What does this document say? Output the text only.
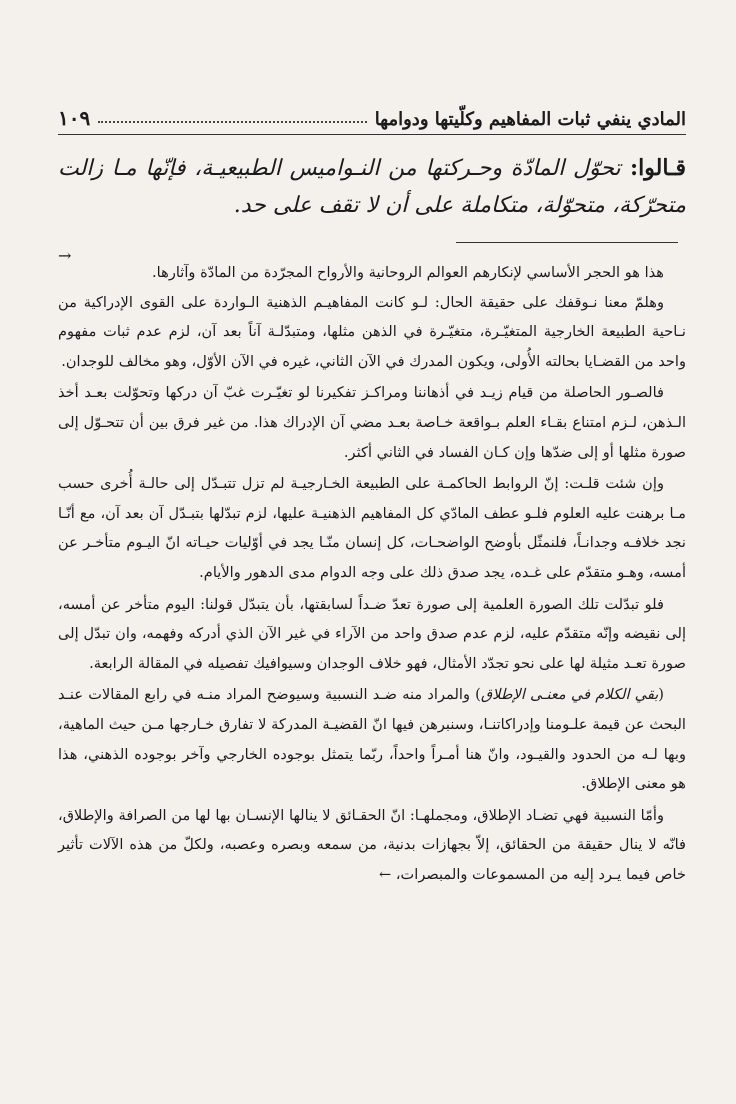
المادي ينفي ثبات المفاهيم وكلّيتها ودوامها
١٠٩

قـالوا: تحوّل المادّة وحـركتها من النـواميس الطبيعيـة، فإنّها مـا زالت متحرّكة، متحوّلة، متكاملة على أن لا تقف على حد.

→

هذا هو الحجر الأساسي لإنكارهم العوالم الروحانية والأرواح المجرّدة من المادّة وآثارها.

وهلمّ معنا نـوقفك على حقيقة الحال: لـو كانت المفاهيـم الذهنية الـواردة على القوى الإدراكية من نـاحية الطبيعة الخارجية المتغيّـرة، متغيّـرة في الذهن مثلها، ومتبدّلـة آناً بعد آن، لزم عدم ثبات مفهوم واحد من القضـايا بحالته الأُولى، ويكون المدرك في الآن الثاني، غيره في الآن الأوّل، وهو مخالف للوجدان.

فالصـور الحاصلة من قيام زيـد في أذهاننا ومراكـز تفكيرنا لو تغيّـرت غبّ آن دركها وتحوّلت بعـد أخذ الـذهن، لـزم امتناع بقـاء العلم بـواقعة خـاصة بعـد مضي آن الإدراك هذا. من غير فرق بين أن تتحـوّل إلى صورة مثلها أو إلى ضدّها وإن كـان الفساد في الثاني أكثر.

وإن شئت قلـت: إنّ الروابط الحاكمـة على الطبيعة الخـارجيـة لم تزل تتبـدّل إلى حالـة أُخرى حسب مـا برهنت عليه العلوم فلـو عطف المادّي كل المفاهيم الذهنيـة عليها، لزم تبدّلها بتبـدّل آن بعد آن، مع أنّـا نجد خلافـه وجدانـاً، فلنمثّل بأوضح الواضحـات، كل إنسان منّـا يجد في أوّليات حيـاته انّ اليـوم متأخـر عن أمسه، وهـو متقدّم على غـده، يجد صدق ذلك على وجه الدوام مدى الدهور والأيام.

فلو تبدّلت تلك الصورة العلمية إلى صورة تعدّ ضـداً لسابقتها، بأن يتبدّل قولنا: اليوم متأخر عن أمسه، إلى نقيضه وإنّه متقدّم عليه، لزم عدم صدق واحد من الآراء في غير الآن الذي أدركه وفهمه، وان تبدّل إلى صورة تعـد مثيلة لها على نحو تجدّد الأمثال، فهو خلاف الوجدان وسيوافيك تفصيله في المقالة الرابعة.

(بقي الكلام في معنـى الإطلاق) والمراد منه ضـد النسبية وسيوضح المراد منـه في رابع المقالات عنـد البحث عن قيمة علـومنا وإدراكاتنـا، وسنبرهن فيها انّ القضيـة المدركة لا تفارق خـارجها مـن حيث الماهية، وبها لـه من الحدود والقيـود، وانّ هنا أمـراً واحداً، ربّما يتمثل بوجوده الخارجي وآخر بوجوده الذهني، هذا هو معنى الإطلاق.

وأمّا النسبية فهي تضـاد الإطلاق، ومجملهـا: انّ الحقـائق لا ينالها الإنسـان بها لها من الصرافة والإطلاق، فانّه لا ينال حقيقة من الحقائق، إلاّ بجهازات بدنية، من سمعه وبصره وعصبه، ولكلّ من هذه الآلات تأثير خاص فيما يـرد إليه من المسموعات والمبصرات، ←
